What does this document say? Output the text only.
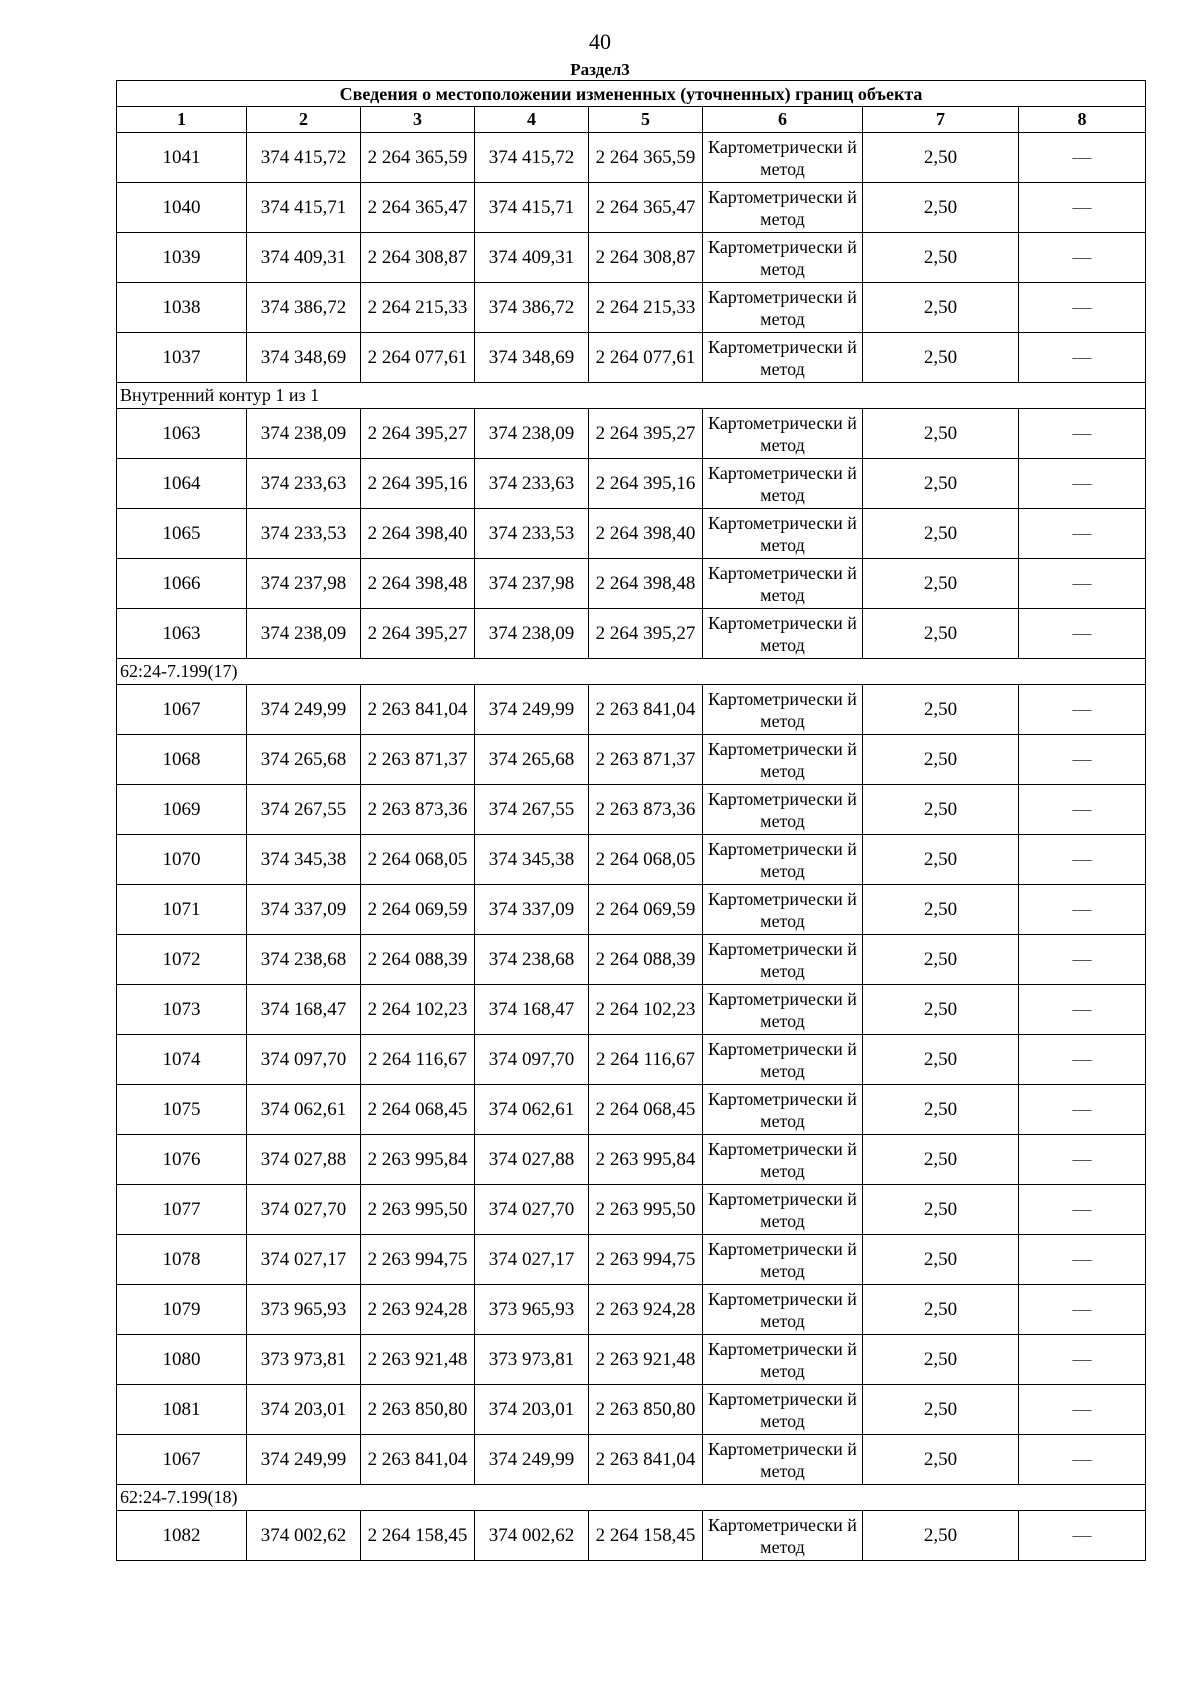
40
Раздел3
Сведения о местоположении измененных (уточненных) границ объекта							
1	2	3	4	5	6	7	8
1041	374 415,72	2 264 365,59	374 415,72	2 264 365,59	Картометрически й метод	2,50	—
1040	374 415,71	2 264 365,47	374 415,71	2 264 365,47	Картометрически й метод	2,50	—
1039	374 409,31	2 264 308,87	374 409,31	2 264 308,87	Картометрически й метод	2,50	—
1038	374 386,72	2 264 215,33	374 386,72	2 264 215,33	Картометрически й метод	2,50	—
1037	374 348,69	2 264 077,61	374 348,69	2 264 077,61	Картометрически й метод	2,50	—
Внутренний контур 1 из 1							
1063	374 238,09	2 264 395,27	374 238,09	2 264 395,27	Картометрически й метод	2,50	—
1064	374 233,63	2 264 395,16	374 233,63	2 264 395,16	Картометрически й метод	2,50	—
1065	374 233,53	2 264 398,40	374 233,53	2 264 398,40	Картометрически й метод	2,50	—
1066	374 237,98	2 264 398,48	374 237,98	2 264 398,48	Картометрически й метод	2,50	—
1063	374 238,09	2 264 395,27	374 238,09	2 264 395,27	Картометрически й метод	2,50	—
62:24-7.199(17)							
1067	374 249,99	2 263 841,04	374 249,99	2 263 841,04	Картометрически й метод	2,50	—
1068	374 265,68	2 263 871,37	374 265,68	2 263 871,37	Картометрически й метод	2,50	—
1069	374 267,55	2 263 873,36	374 267,55	2 263 873,36	Картометрически й метод	2,50	—
1070	374 345,38	2 264 068,05	374 345,38	2 264 068,05	Картометрически й метод	2,50	—
1071	374 337,09	2 264 069,59	374 337,09	2 264 069,59	Картометрически й метод	2,50	—
1072	374 238,68	2 264 088,39	374 238,68	2 264 088,39	Картометрически й метод	2,50	—
1073	374 168,47	2 264 102,23	374 168,47	2 264 102,23	Картометрически й метод	2,50	—
1074	374 097,70	2 264 116,67	374 097,70	2 264 116,67	Картометрически й метод	2,50	—
1075	374 062,61	2 264 068,45	374 062,61	2 264 068,45	Картометрически й метод	2,50	—
1076	374 027,88	2 263 995,84	374 027,88	2 263 995,84	Картометрически й метод	2,50	—
1077	374 027,70	2 263 995,50	374 027,70	2 263 995,50	Картометрически й метод	2,50	—
1078	374 027,17	2 263 994,75	374 027,17	2 263 994,75	Картометрически й метод	2,50	—
1079	373 965,93	2 263 924,28	373 965,93	2 263 924,28	Картометрически й метод	2,50	—
1080	373 973,81	2 263 921,48	373 973,81	2 263 921,48	Картометрически й метод	2,50	—
1081	374 203,01	2 263 850,80	374 203,01	2 263 850,80	Картометрически й метод	2,50	—
1067	374 249,99	2 263 841,04	374 249,99	2 263 841,04	Картометрически й метод	2,50	—
62:24-7.199(18)							
1082	374 002,62	2 264 158,45	374 002,62	2 264 158,45	Картометрически й метод	2,50	—
